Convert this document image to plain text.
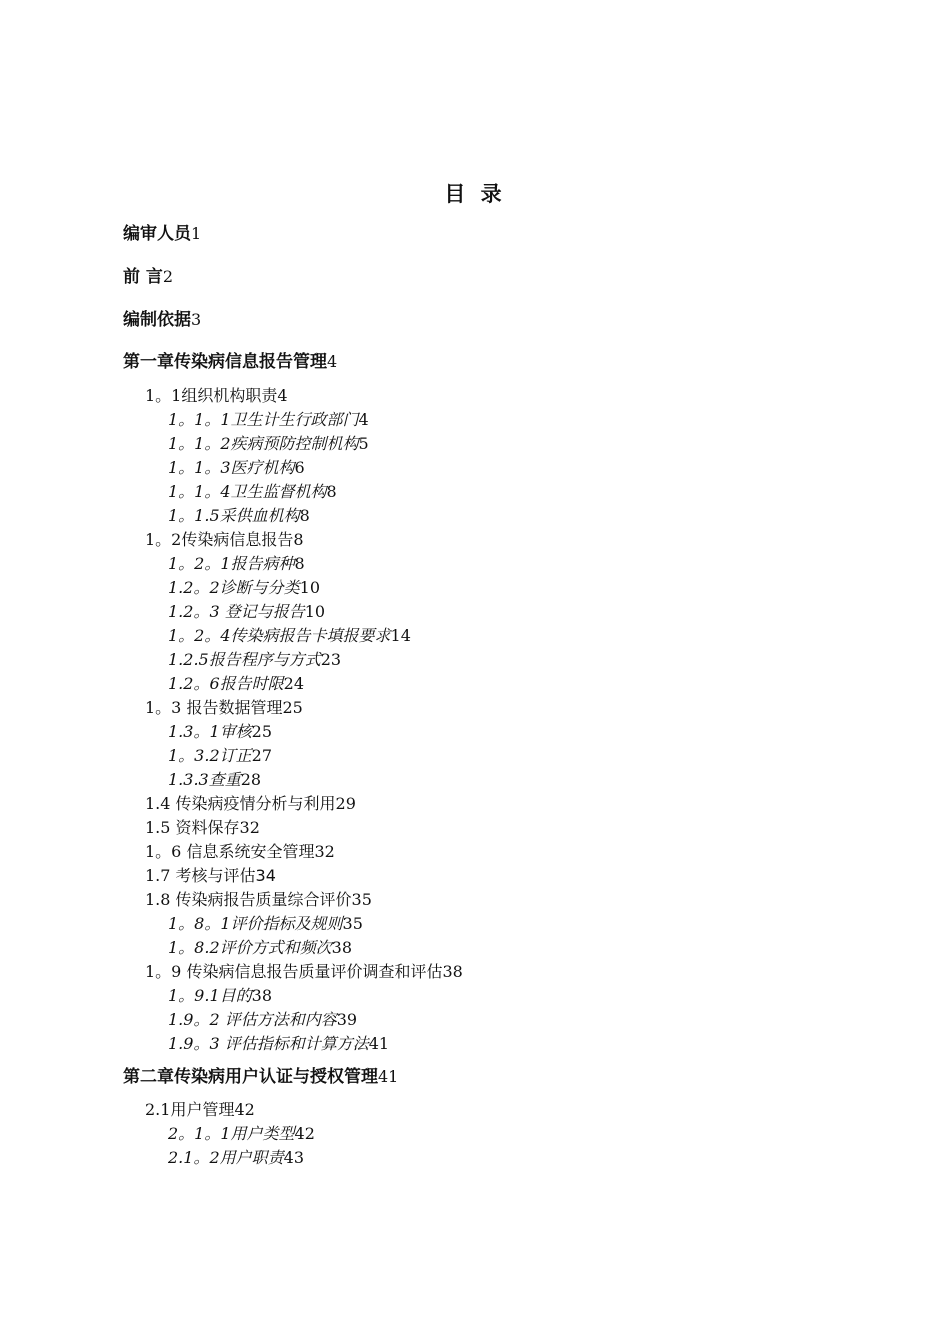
目 录
编审人员1
前 言2
编制依据3
第一章传染病信息报告管理4
1。1组织机构职责4
1。1。1卫生计生行政部门4
1。1。2疾病预防控制机构5
1。1。3医疗机构6
1。1。4卫生监督机构8
1。1.5采供血机构8
1。2传染病信息报告8
1。2。1报告病种8
1.2。2诊断与分类10
1.2。3 登记与报告10
1。2。4传染病报告卡填报要求14
1.2.5报告程序与方式23
1.2。6报告时限24
1。3 报告数据管理25
1.3。1审核25
1。3.2订正27
1.3.3查重28
1.4 传染病疫情分析与利用29
1.5 资料保存32
1。6 信息系统安全管理32
1.7 考核与评估34
1.8 传染病报告质量综合评价35
1。8。1评价指标及规则35
1。8.2评价方式和频次38
1。9 传染病信息报告质量评价调查和评估38
1。9.1目的38
1.9。2 评估方法和内容39
1.9。3 评估指标和计算方法41
第二章传染病用户认证与授权管理41
2.1用户管理42
2。1。1用户类型42
2.1。2用户职责43
